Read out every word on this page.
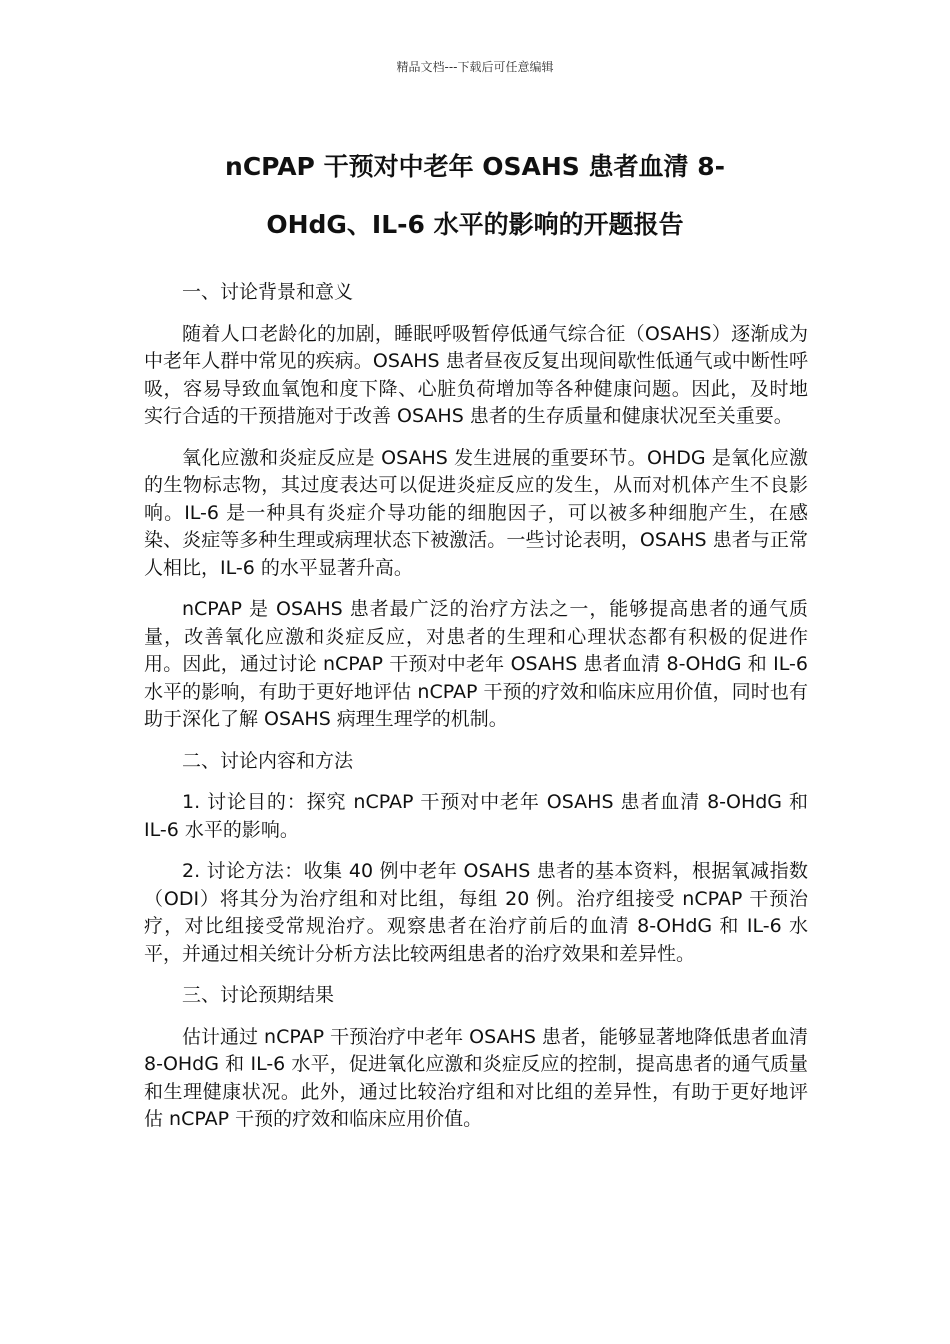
精品文档---下载后可任意编辑
nCPAP 干预对中老年 OSAHS 患者血清 8-
OHdG、IL-6 水平的影响的开题报告

一、讨论背景和意义

随着人口老龄化的加剧，睡眠呼吸暂停低通气综合征（OSAHS）逐渐成为中老年人群中常见的疾病。OSAHS 患者昼夜反复出现间歇性低通气或中断性呼吸，容易导致血氧饱和度下降、心脏负荷增加等各种健康问题。因此，及时地实行合适的干预措施对于改善 OSAHS 患者的生存质量和健康状况至关重要。

氧化应激和炎症反应是 OSAHS 发生进展的重要环节。OHDG 是氧化应激的生物标志物，其过度表达可以促进炎症反应的发生，从而对机体产生不良影响。IL-6 是一种具有炎症介导功能的细胞因子，可以被多种细胞产生，在感染、炎症等多种生理或病理状态下被激活。一些讨论表明，OSAHS 患者与正常人相比，IL-6 的水平显著升高。

nCPAP 是 OSAHS 患者最广泛的治疗方法之一，能够提高患者的通气质量，改善氧化应激和炎症反应，对患者的生理和心理状态都有积极的促进作用。因此，通过讨论 nCPAP 干预对中老年 OSAHS 患者血清 8-OHdG 和 IL-6 水平的影响，有助于更好地评估 nCPAP 干预的疗效和临床应用价值，同时也有助于深化了解 OSAHS 病理生理学的机制。

二、讨论内容和方法

1. 讨论目的：探究 nCPAP 干预对中老年 OSAHS 患者血清 8-OHdG 和 IL-6 水平的影响。

2. 讨论方法：收集 40 例中老年 OSAHS 患者的基本资料，根据氧减指数（ODI）将其分为治疗组和对比组，每组 20 例。治疗组接受 nCPAP 干预治疗，对比组接受常规治疗。观察患者在治疗前后的血清 8-OHdG 和 IL-6 水平，并通过相关统计分析方法比较两组患者的治疗效果和差异性。

三、讨论预期结果

估计通过 nCPAP 干预治疗中老年 OSAHS 患者，能够显著地降低患者血清 8-OHdG 和 IL-6 水平，促进氧化应激和炎症反应的控制，提高患者的通气质量和生理健康状况。此外，通过比较治疗组和对比组的差异性，有助于更好地评估 nCPAP 干预的疗效和临床应用价值。
